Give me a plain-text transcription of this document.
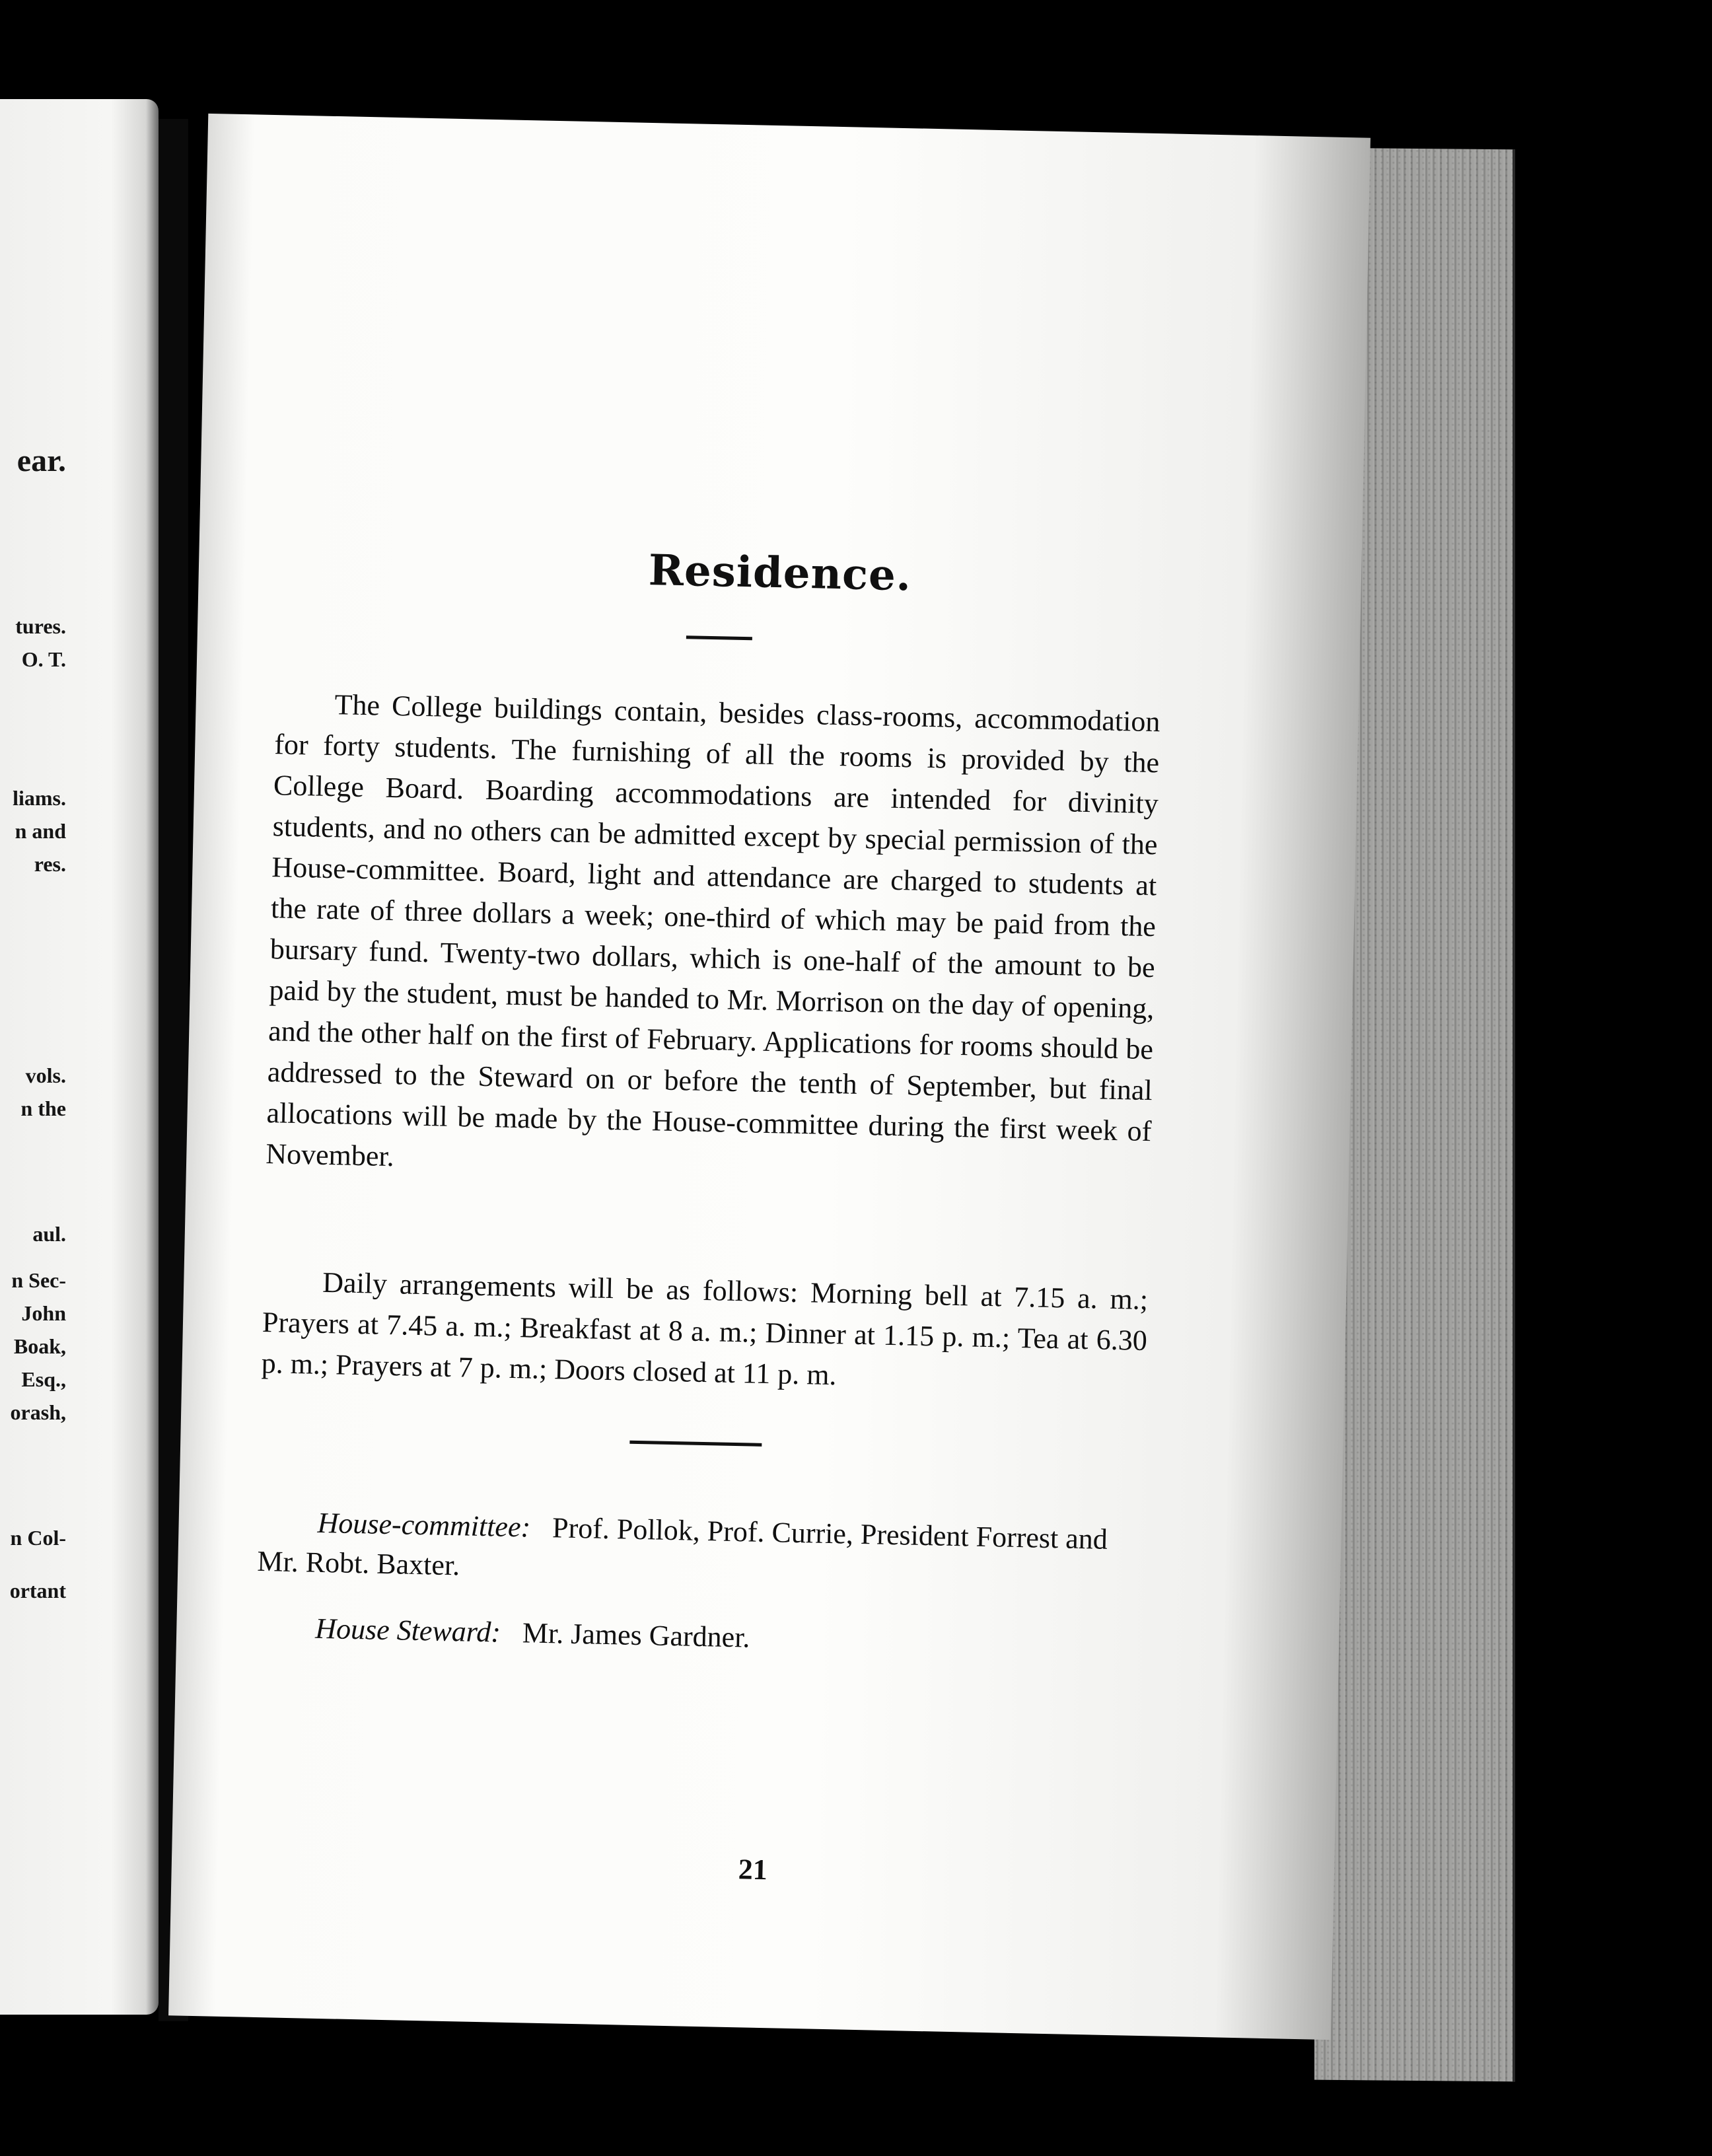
ear.
tures.
O. T.
liams.
n and
res.
vols.
n the
aul.
n Sec-
John
Boak,
Esq.,
orash,
n Col-
ortant
Residence.
The College buildings contain, besides class-rooms, accommodation for forty students. The furnishing of all the rooms is provided by the College Board. Boarding accommodations are intended for divinity students, and no others can be admitted except by special permission of the House-committee. Board, light and attendance are charged to students at the rate of three dollars a week; one-third of which may be paid from the bursary fund. Twenty-two dollars, which is one-half of the amount to be paid by the student, must be handed to Mr. Morrison on the day of opening, and the other half on the first of February. Applications for rooms should be addressed to the Steward on or before the tenth of September, but final allocations will be made by the House-committee during the first week of November.
Daily arrangements will be as follows: Morning bell at 7.15 a. m.; Prayers at 7.45 a. m.; Breakfast at 8 a. m.; Dinner at 1.15 p. m.; Tea at 6.30 p. m.; Prayers at 7 p. m.; Doors closed at 11 p. m.
House-committee:   Prof. Pollok, Prof. Currie, President Forrest and Mr. Robt. Baxter.
House Steward:   Mr. James Gardner.
21
